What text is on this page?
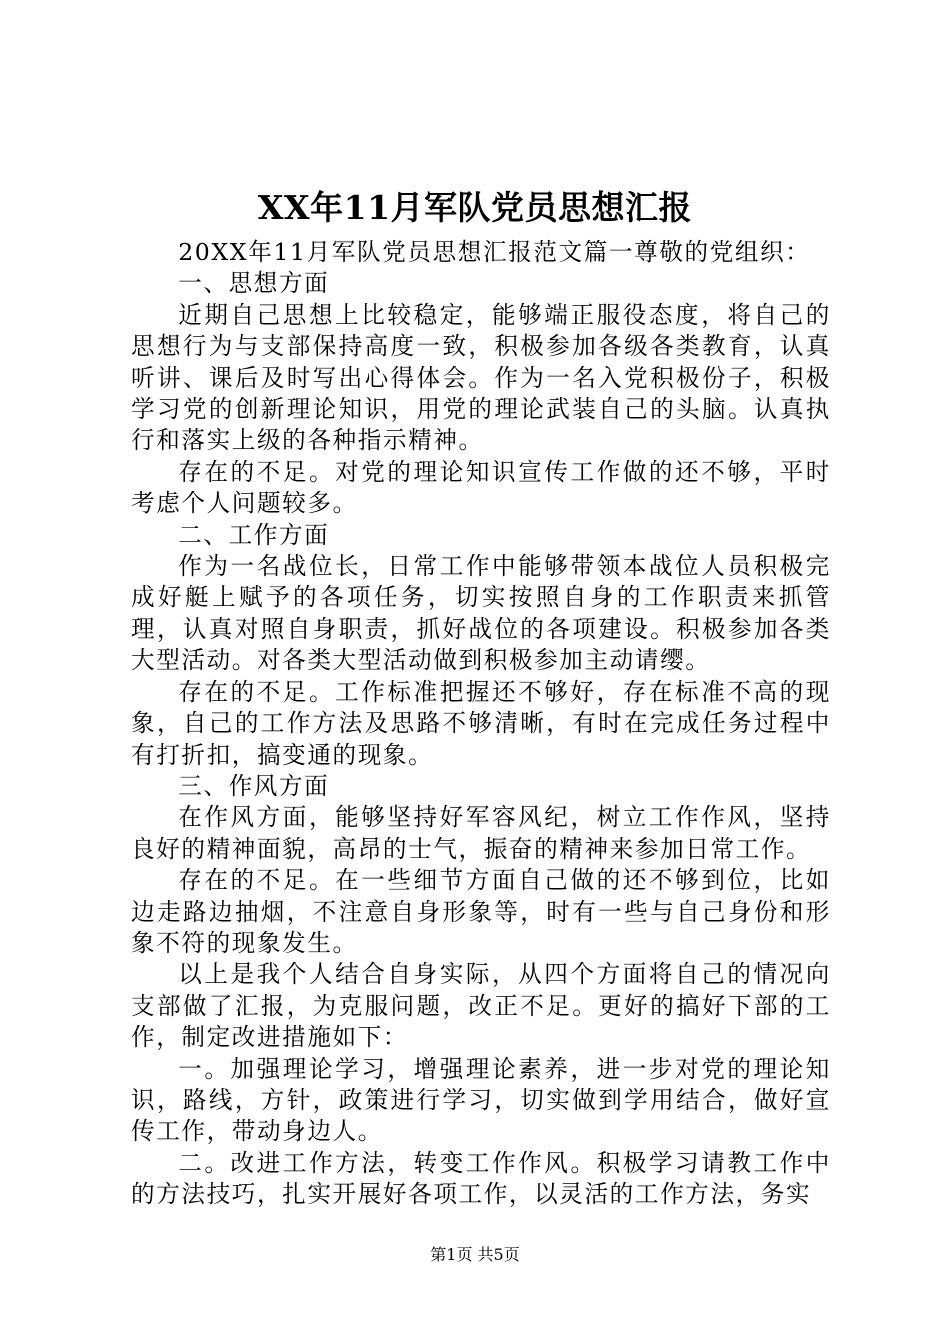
XX年11月军队党员思想汇报

20XX年11月军队党员思想汇报范文篇一尊敬的党组织：

一、思想方面

近期自己思想上比较稳定，能够端正服役态度，将自己的思想行为与支部保持高度一致，积极参加各级各类教育，认真听讲、课后及时写出心得体会。作为一名入党积极份子，积极学习党的创新理论知识，用党的理论武装自己的头脑。认真执行和落实上级的各种指示精神。

存在的不足。对党的理论知识宣传工作做的还不够，平时考虑个人问题较多。

二、工作方面

作为一名战位长，日常工作中能够带领本战位人员积极完成好艇上赋予的各项任务，切实按照自身的工作职责来抓管理，认真对照自身职责，抓好战位的各项建设。积极参加各类大型活动。对各类大型活动做到积极参加主动请缨。

存在的不足。工作标准把握还不够好，存在标准不高的现象，自己的工作方法及思路不够清晰，有时在完成任务过程中有打折扣，搞变通的现象。

三、作风方面

在作风方面，能够坚持好军容风纪，树立工作作风，坚持良好的精神面貌，高昂的士气，振奋的精神来参加日常工作。

存在的不足。在一些细节方面自己做的还不够到位，比如边走路边抽烟，不注意自身形象等，时有一些与自己身份和形象不符的现象发生。

以上是我个人结合自身实际，从四个方面将自己的情况向支部做了汇报，为克服问题，改正不足。更好的搞好下部的工作，制定改进措施如下：

一。加强理论学习，增强理论素养，进一步对党的理论知识，路线，方针，政策进行学习，切实做到学用结合，做好宣传工作，带动身边人。

二。改进工作方法，转变工作作风。积极学习请教工作中的方法技巧，扎实开展好各项工作，以灵活的工作方法，务实

第1页 共5页
